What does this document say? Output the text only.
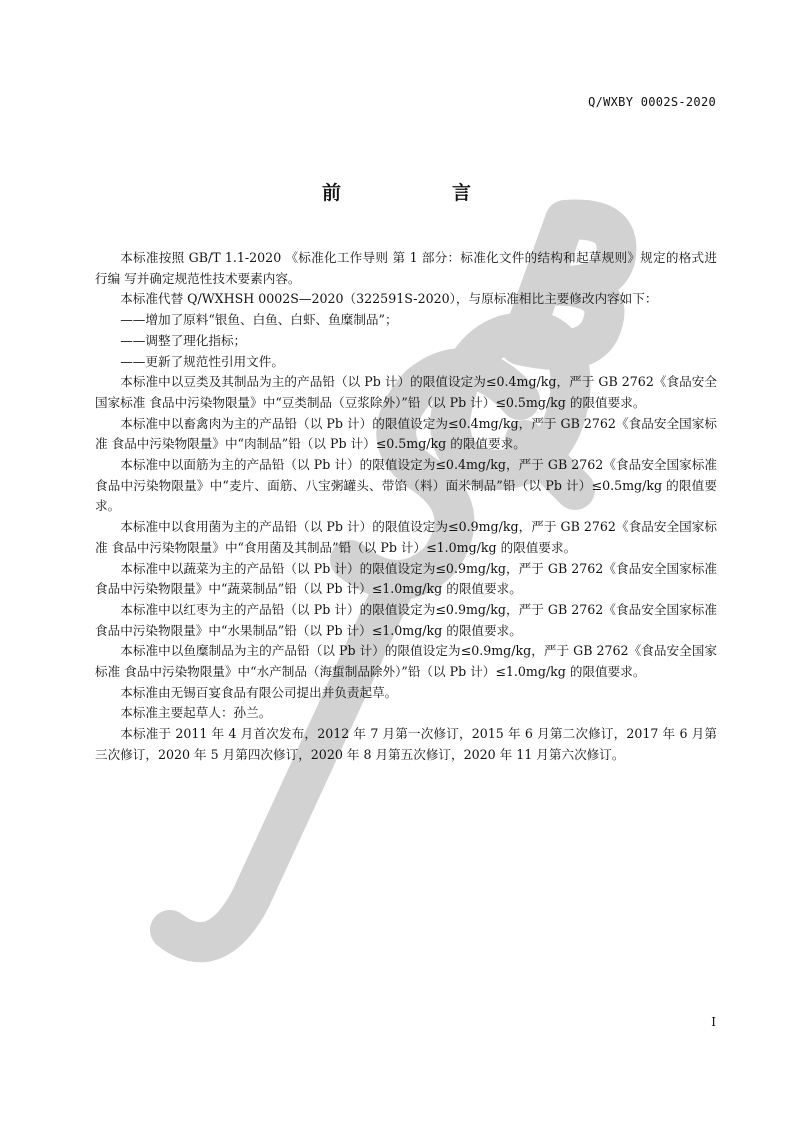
Q/WXBY 0002S-2020
前　言

本标准按照 GB/T 1.1-2020 《标准化工作导则 第 1 部分：标准化文件的结构和起草规则》规定的格式进行编 写并确定规范性技术要素内容。

本标准代替 Q/WXHSH 0002S—2020（322591S-2020），与原标准相比主要修改内容如下：

——增加了原料“银鱼、白鱼、白虾、鱼糜制品”；

——调整了理化指标；

——更新了规范性引用文件。

本标准中以豆类及其制品为主的产品铅（以 Pb 计）的限值设定为≤0.4mg/kg，严于 GB 2762《食品安全国家标准 食品中污染物限量》中“豆类制品（豆浆除外）”铅（以 Pb 计）≤0.5mg/kg 的限值要求。

本标准中以畜禽肉为主的产品铅（以 Pb 计）的限值设定为≤0.4mg/kg，严于 GB 2762《食品安全国家标准 食品中污染物限量》中“肉制品”铅（以 Pb 计）≤0.5mg/kg 的限值要求。

本标准中以面筋为主的产品铅（以 Pb 计）的限值设定为≤0.4mg/kg，严于 GB 2762《食品安全国家标准 食品中污染物限量》中“麦片、面筋、八宝粥罐头、带馅（料）面米制品”铅（以 Pb 计）≤0.5mg/kg 的限值要求。

本标准中以食用菌为主的产品铅（以 Pb 计）的限值设定为≤0.9mg/kg，严于 GB 2762《食品安全国家标准 食品中污染物限量》中“食用菌及其制品”铅（以 Pb 计）≤1.0mg/kg 的限值要求。

本标准中以蔬菜为主的产品铅（以 Pb 计）的限值设定为≤0.9mg/kg，严于 GB 2762《食品安全国家标准 食品中污染物限量》中“蔬菜制品”铅（以 Pb 计）≤1.0mg/kg 的限值要求。

本标准中以红枣为主的产品铅（以 Pb 计）的限值设定为≤0.9mg/kg，严于 GB 2762《食品安全国家标准 食品中污染物限量》中“水果制品”铅（以 Pb 计）≤1.0mg/kg 的限值要求。

本标准中以鱼糜制品为主的产品铅（以 Pb 计）的限值设定为≤0.9mg/kg，严于 GB 2762《食品安全国家标准 食品中污染物限量》中“水产制品（海蜇制品除外）”铅（以 Pb 计）≤1.0mg/kg 的限值要求。

本标准由无锡百宴食品有限公司提出并负责起草。

本标准主要起草人：孙兰。

本标准于 2011 年 4 月首次发布，2012 年 7 月第一次修订，2015 年 6 月第二次修订，2017 年 6 月第三次修订，2020 年 5 月第四次修订，2020 年 8 月第五次修订，2020 年 11 月第六次修订。

I
